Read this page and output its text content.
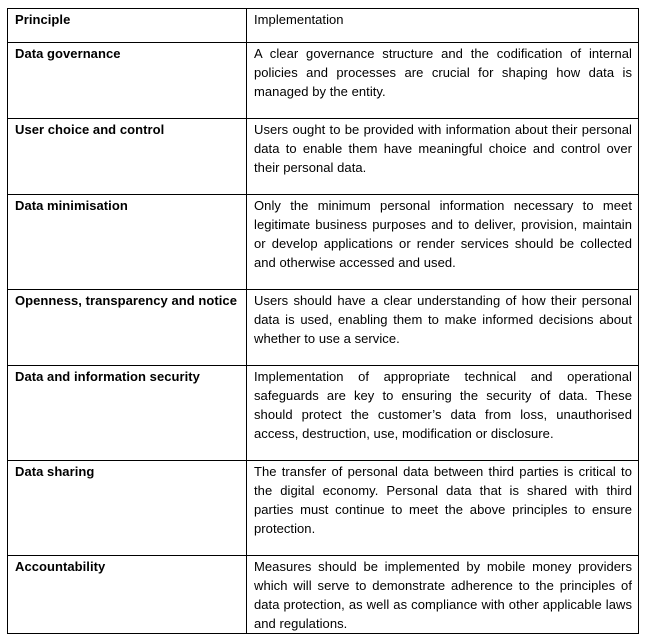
Principle	Implementation
Data governance	A clear governance structure and the codification of internal policies and processes are crucial for shaping how data is managed by the entity.
User choice and control	Users ought to be provided with information about their personal data to enable them have meaningful choice and control over their personal data.
Data minimisation	Only the minimum personal information necessary to meet legitimate business purposes and to deliver, provision, maintain or develop applications or render services should be collected and otherwise accessed and used.
Openness, transparency and notice	Users should have a clear understanding of how their personal data is used, enabling them to make informed decisions about whether to use a service.
Data and information security	Implementation of appropriate technical and operational safeguards are key to ensuring the security of data. These should protect the customer’s data from loss, unauthorised access, destruction, use, modification or disclosure.
Data sharing	The transfer of personal data between third parties is critical to the digital economy. Personal data that is shared with third parties must continue to meet the above principles to ensure protection.
Accountability	Measures should be implemented by mobile money providers which will serve to demonstrate adherence to the principles of data protection, as well as compliance with other applicable laws and regulations.
